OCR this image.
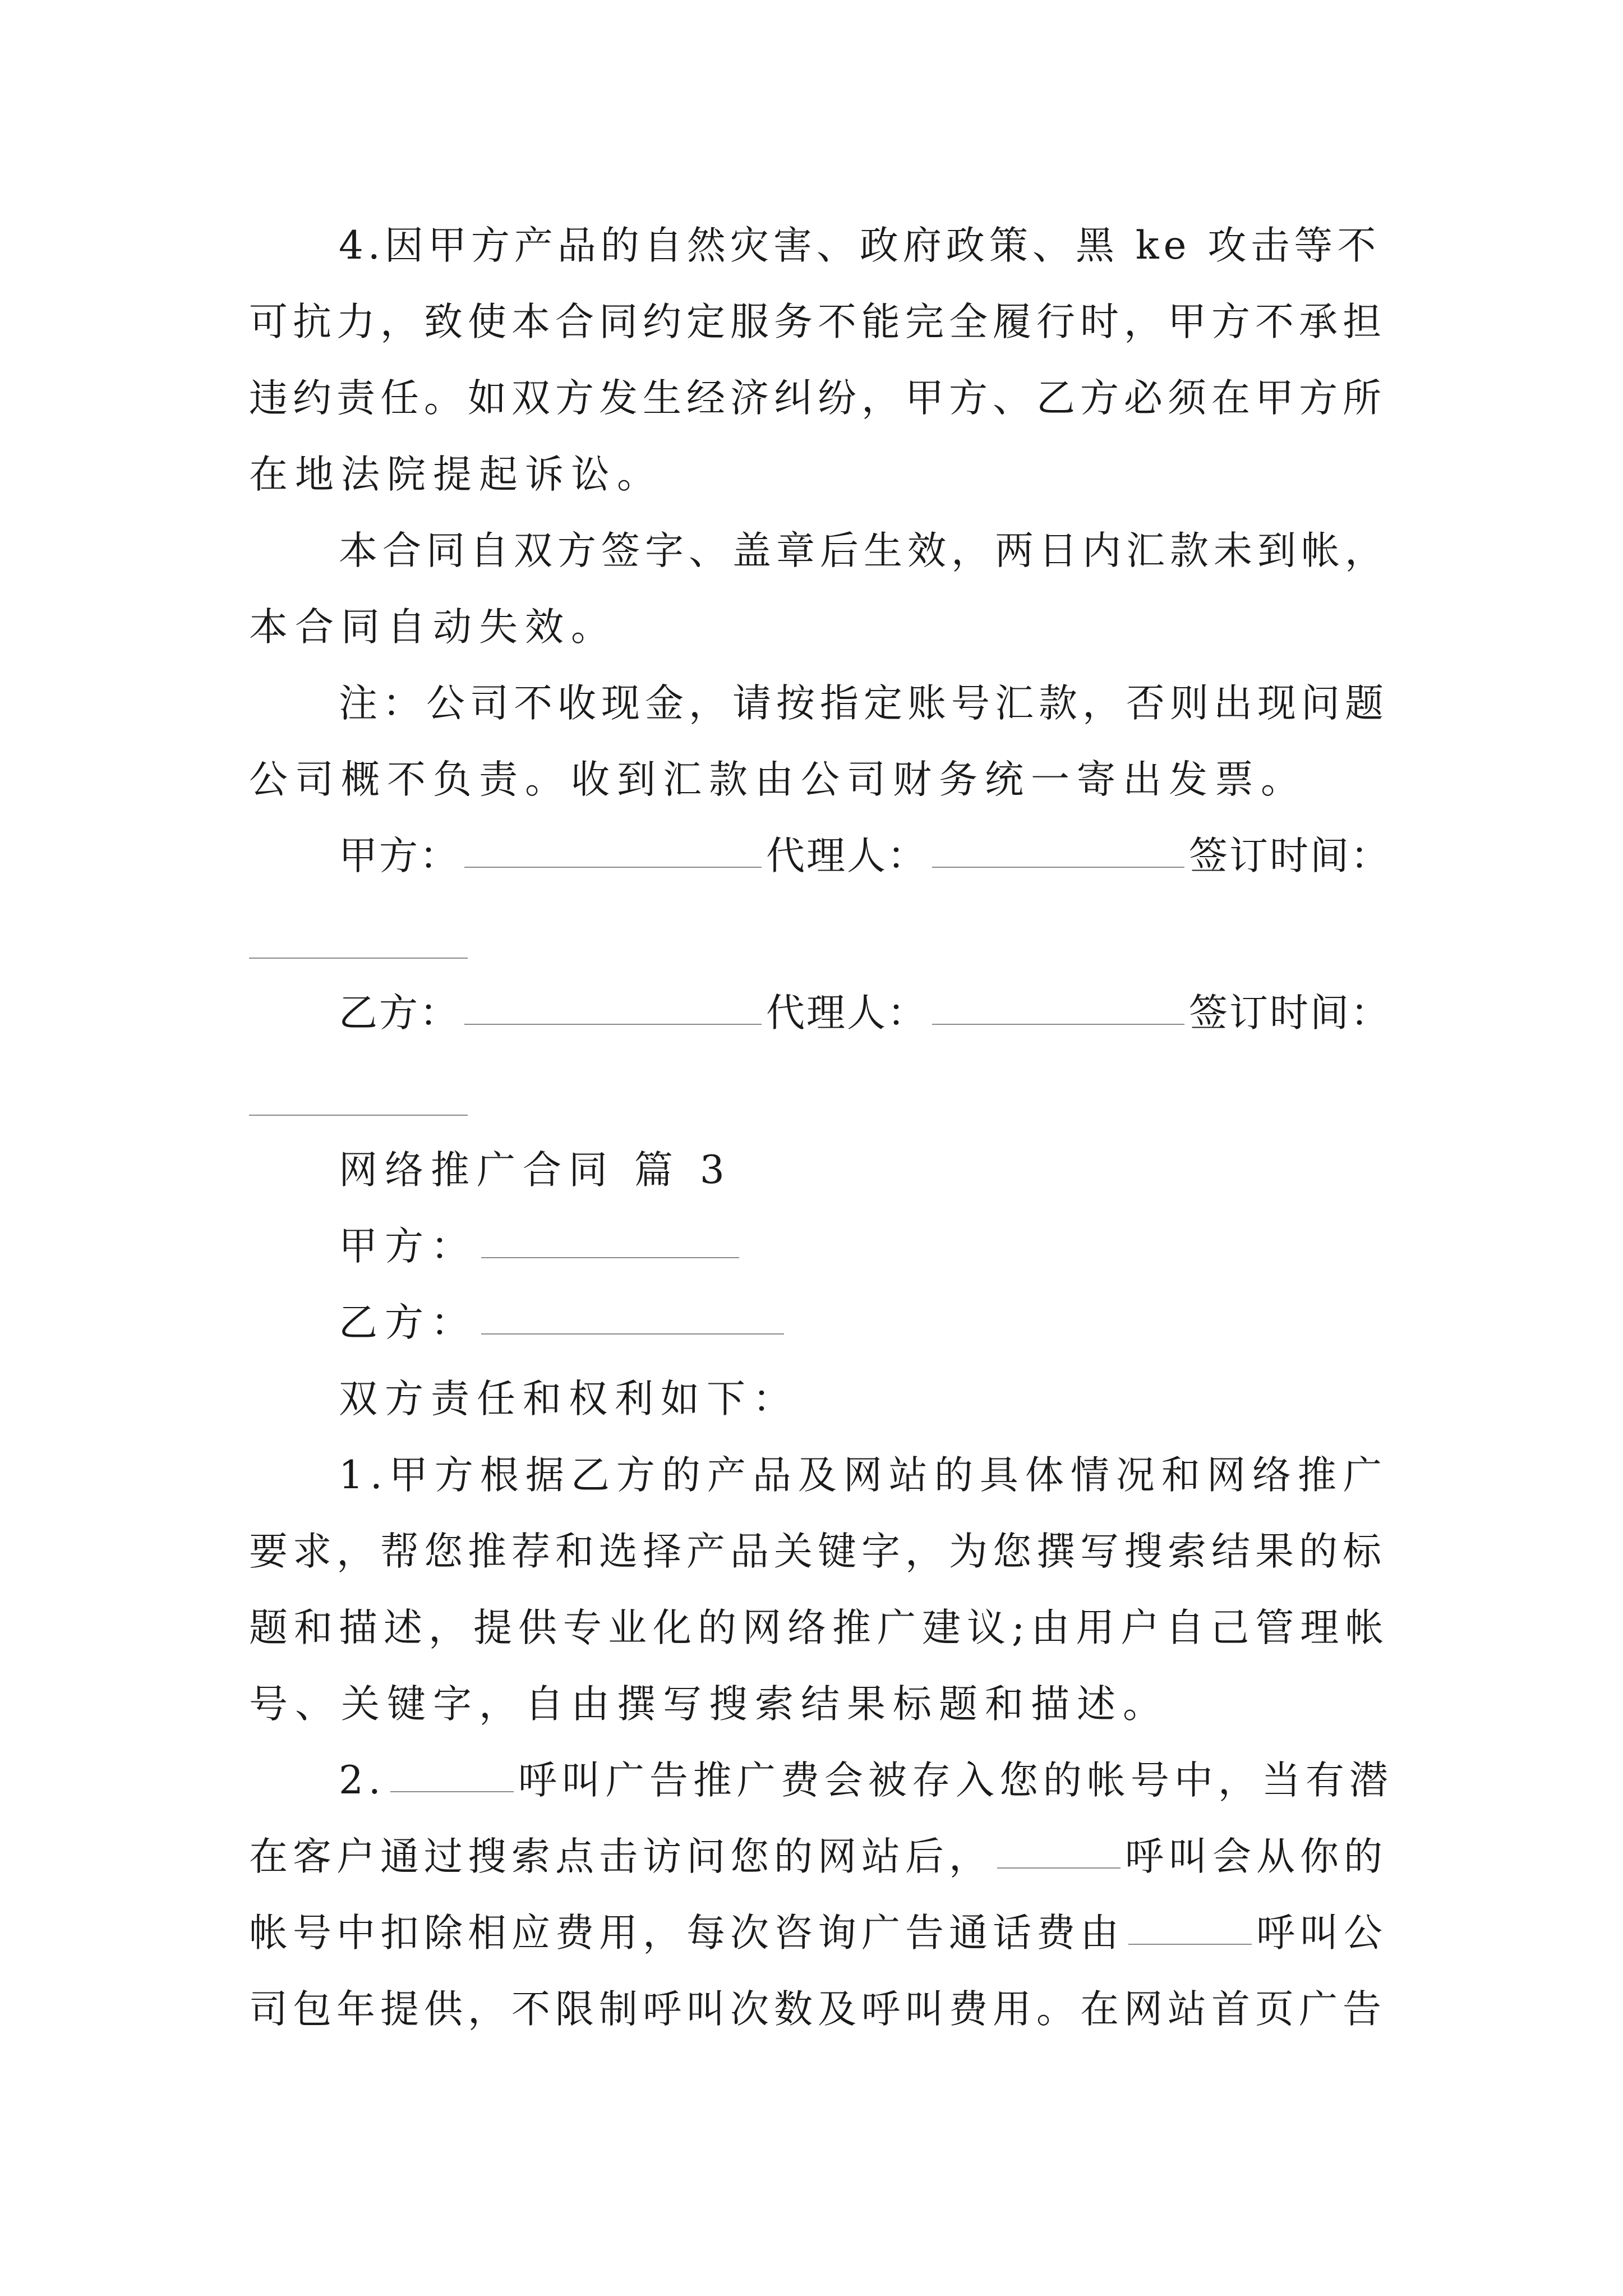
4.因甲方产品的自然灾害、政府政策、黑 ke 攻击等不
可抗力，致使本合同约定服务不能完全履行时，甲方不承担
违约责任。如双方发生经济纠纷，甲方、乙方必须在甲方所
在地法院提起诉讼。
本合同自双方签字、盖章后生效，两日内汇款未到帐，
本合同自动失效。
注：公司不收现金，请按指定账号汇款，否则出现问题
公司概不负责。收到汇款由公司财务统一寄出发票。
甲方：	代理人：	签订时间：
乙方：	代理人：	签订时间：
网络推广合同 篇 3
甲方：
乙方：
双方责任和权利如下：
1.甲方根据乙方的产品及网站的具体情况和网络推广
要求，帮您推荐和选择产品关键字，为您撰写搜索结果的标
题和描述，提供专业化的网络推广建议;由用户自己管理帐
号、关键字，自由撰写搜索结果标题和描述。
2.	呼叫广告推广费会被存入您的帐号中，当有潜
在客户通过搜索点击访问您的网站后，	呼叫会从你的
帐号中扣除相应费用，每次咨询广告通话费由	呼叫公
司包年提供，不限制呼叫次数及呼叫费用。在网站首页广告
